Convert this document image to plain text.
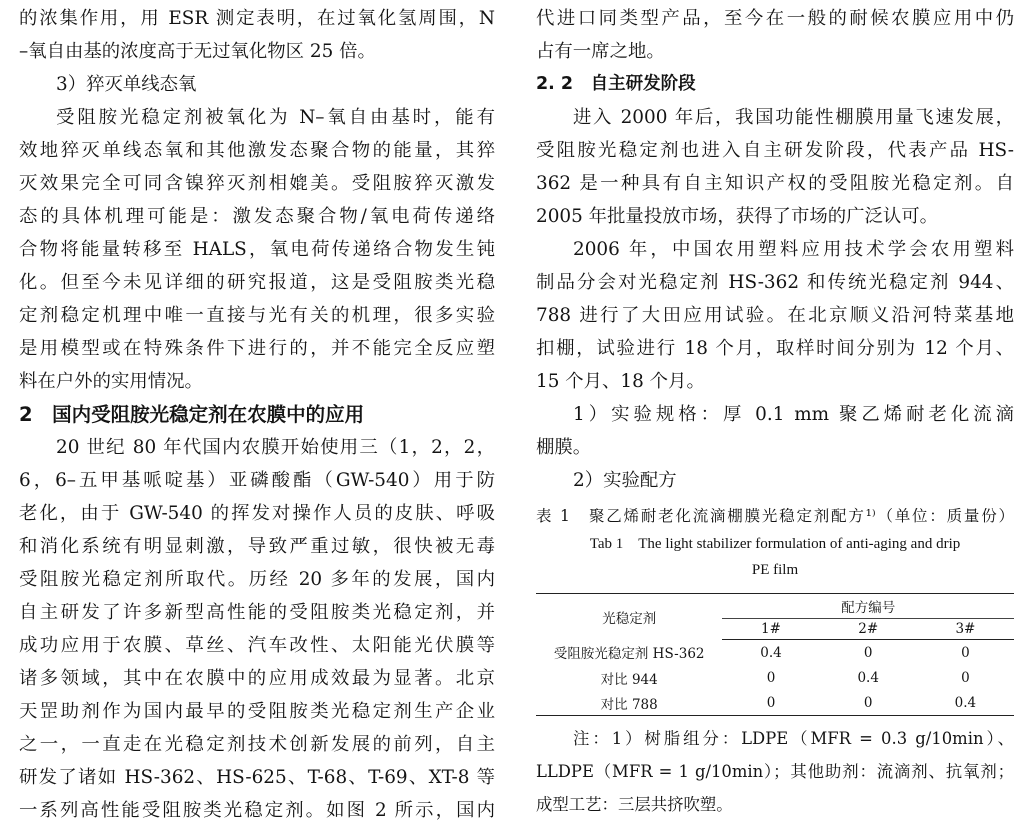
的浓集作用，用 ESR 测定表明，在过氧化氢周围，N
–氧自由基的浓度高于无过氧化物区 25 倍。
3）猝灭单线态氧
受阻胺光稳定剂被氧化为 N–氧自由基时，能有
效地猝灭单线态氧和其他激发态聚合物的能量，其猝
灭效果完全可同含镍猝灭剂相媲美。受阻胺猝灭激发
态的具体机理可能是：激发态聚合物/氧电荷传递络
合物将能量转移至 HALS，氧电荷传递络合物发生钝
化。但至今未见详细的研究报道，这是受阻胺类光稳
定剂稳定机理中唯一直接与光有关的机理，很多实验
是用模型或在特殊条件下进行的，并不能完全反应塑
料在户外的实用情况。
2　国内受阻胺光稳定剂在农膜中的应用
20 世纪 80 年代国内农膜开始使用三（1，2，2，
6，6–五甲基哌啶基）亚磷酸酯（GW-540）用于防
老化，由于 GW-540 的挥发对操作人员的皮肤、呼吸
和消化系统有明显刺激，导致严重过敏，很快被无毒
受阻胺光稳定剂所取代。历经 20 多年的发展，国内
自主研发了许多新型高性能的受阻胺类光稳定剂，并
成功应用于农膜、草丝、汽车改性、太阳能光伏膜等
诸多领域，其中在农膜中的应用成效最为显著。北京
天罡助剂作为国内最早的受阻胺类光稳定剂生产企业
之一，一直走在光稳定剂技术创新发展的前列，自主
研发了诸如 HS-362、HS-625、T-68、T-69、XT-8 等
一系列高性能受阻胺类光稳定剂。如图 2 所示，国内
代进口同类型产品，至今在一般的耐候农膜应用中仍
占有一席之地。
2. 2　自主研发阶段
进入 2000 年后，我国功能性棚膜用量飞速发展，
受阻胺光稳定剂也进入自主研发阶段，代表产品 HS-
362 是一种具有自主知识产权的受阻胺光稳定剂。自
2005 年批量投放市场，获得了市场的广泛认可。
2006 年，中国农用塑料应用技术学会农用塑料
制品分会对光稳定剂 HS-362 和传统光稳定剂 944、
788 进行了大田应用试验。在北京顺义沿河特菜基地
扣棚，试验进行 18 个月，取样时间分别为 12 个月、
15 个月、18 个月。
1）实验规格：厚 0.1 mm 聚乙烯耐老化流滴
棚膜。
2）实验配方
表 1　聚乙烯耐老化流滴棚膜光稳定剂配方¹⁾（单位：质量份）
Tab 1　The light stabilizer formulation of anti-aging and drip
PE film
光稳定剂	配方编号		
	1#	2#	3#
受阻胺光稳定剂 HS-362	0.4	0	0
对比 944	0	0.4	0
对比 788	0	0	0.4
注：1）树脂组分：LDPE（MFR = 0.3 g/10min）、
LLDPE（MFR = 1 g/10min）；其他助剂：流滴剂、抗氧剂；
成型工艺：三层共挤吹塑。
